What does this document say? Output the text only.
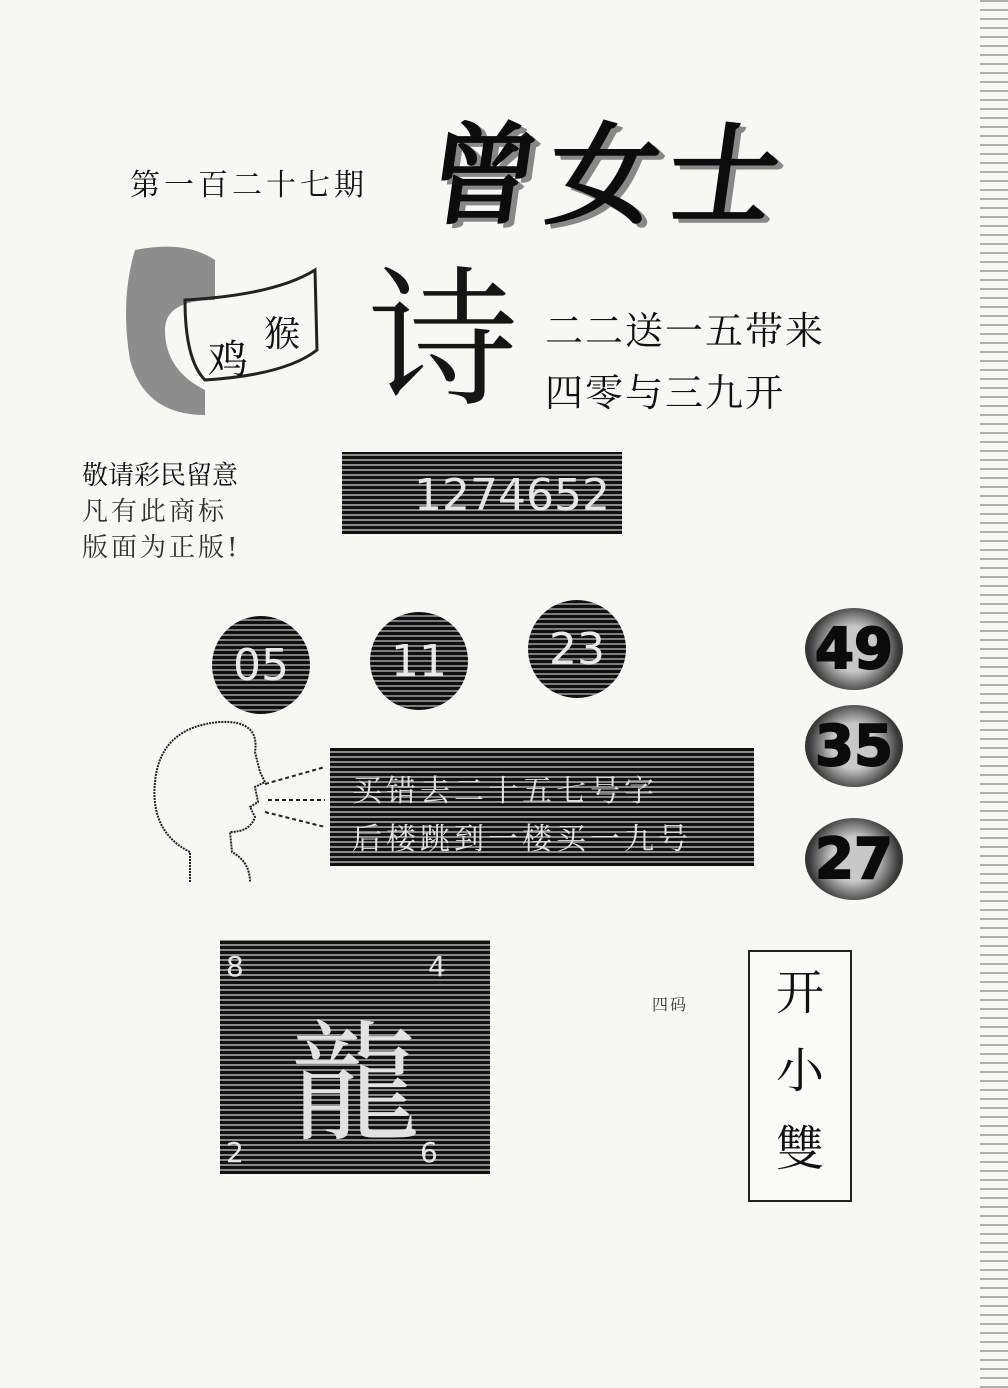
第一百二十七期 曾女士
鸡
猴 诗 二二送一五带来
四零与三九开
敬请彩民留意
凡有此商标
版面为正版!
1274652
05	11	23	49
35
27
买错去二十五七号字
后楼跳到一楼买一九号
8	4
2	6
龍
四码	开
小
雙
